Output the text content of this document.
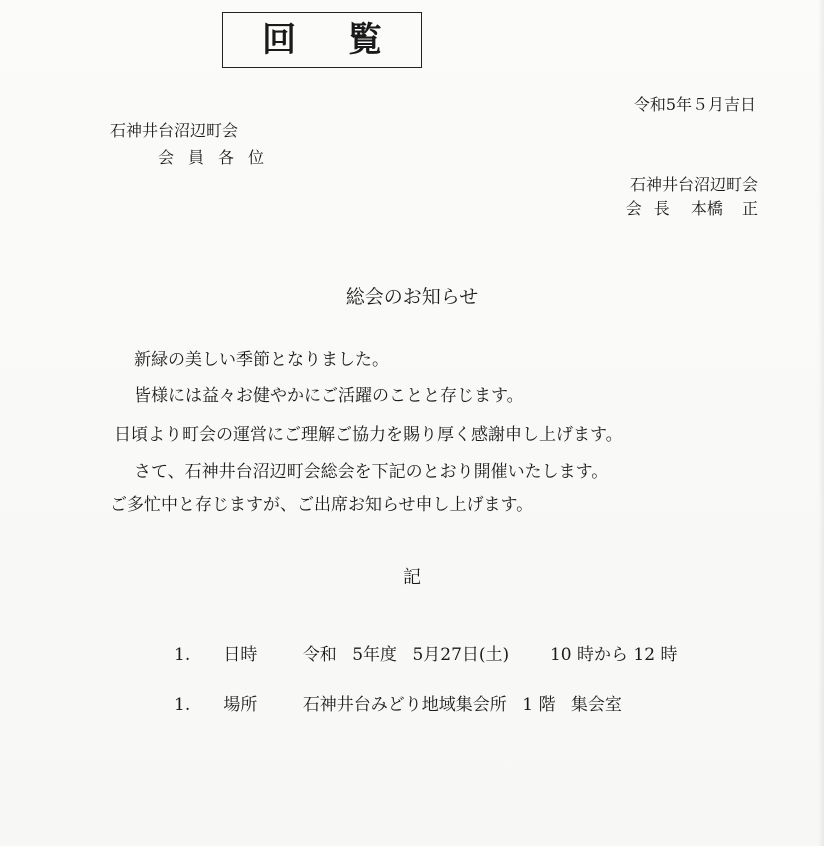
回 覧
令和5年５月吉日
石神井台沼辺町会
会員各位
石神井台沼辺町会
会長 本橋 正
総会のお知らせ
新緑の美しい季節となりました。
皆様には益々お健やかにご活躍のことと存じます。
日頃より町会の運営にご理解ご協力を賜り厚く感謝申し上げます。
さて、石神井台沼辺町会総会を下記のとおり開催いたします。
ご多忙中と存じますが、ご出席お知らせ申し上げます。
記
1. 日時	令和 5年度 5月27日(土) 10 時から 12 時
1. 場所	石神井台みどり地域集会所 1 階 集会室
